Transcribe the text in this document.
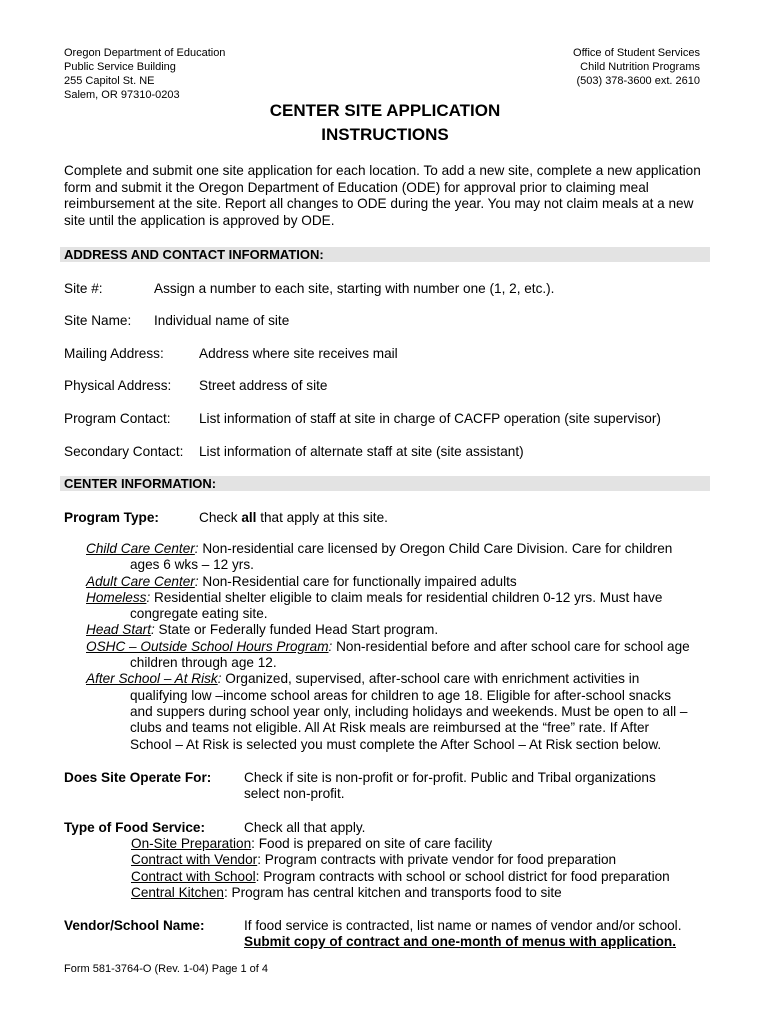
Oregon Department of Education
Public Service Building
255 Capitol St. NE
Salem, OR 97310-0203
Office of Student Services
Child Nutrition Programs
(503) 378-3600 ext. 2610
CENTER SITE APPLICATION
INSTRUCTIONS
Complete and submit one site application for each location. To add a new site, complete a new application form and submit it the Oregon Department of Education (ODE) for approval prior to claiming meal reimbursement at the site. Report all changes to ODE during the year. You may not claim meals at a new site until the application is approved by ODE.
ADDRESS AND CONTACT INFORMATION:
Site #:	Assign a number to each site, starting with number one (1, 2, etc.).
Site Name: Individual name of site
Mailing Address:	Address where site receives mail
Physical Address: Street address of site
Program Contact: List information of staff at site in charge of CACFP operation (site supervisor)
Secondary Contact: List information of alternate staff at site (site assistant)
CENTER INFORMATION:
Program Type:	Check all that apply at this site.
Child Care Center: Non-residential care licensed by Oregon Child Care Division. Care for children
ages 6 wks – 12 yrs.
Adult Care Center: Non-Residential care for functionally impaired adults
Homeless: Residential shelter eligible to claim meals for residential children 0-12 yrs. Must have
congregate eating site.
Head Start: State or Federally funded Head Start program.
OSHC – Outside School Hours Program: Non-residential before and after school care for school age
children through age 12.
After School – At Risk: Organized, supervised, after-school care with enrichment activities in
qualifying low –income school areas for children to age 18. Eligible for after-school snacks
and suppers during school year only, including holidays and weekends. Must be open to all –
clubs and teams not eligible. All At Risk meals are reimbursed at the “free” rate. If After
School – At Risk is selected you must complete the After School – At Risk section below.
Does Site Operate For: Check if site is non-profit or for-profit. Public and Tribal organizations
select non-profit.
Type of Food Service:	Check all that apply.
On-Site Preparation: Food is prepared on site of care facility
Contract with Vendor: Program contracts with private vendor for food preparation
Contract with School: Program contracts with school or school district for food preparation
Central Kitchen: Program has central kitchen and transports food to site
Vendor/School Name:	If food service is contracted, list name or names of vendor and/or school.
Submit copy of contract and one-month of menus with application.
Form 581-3764-O (Rev. 1-04) Page 1 of 4
